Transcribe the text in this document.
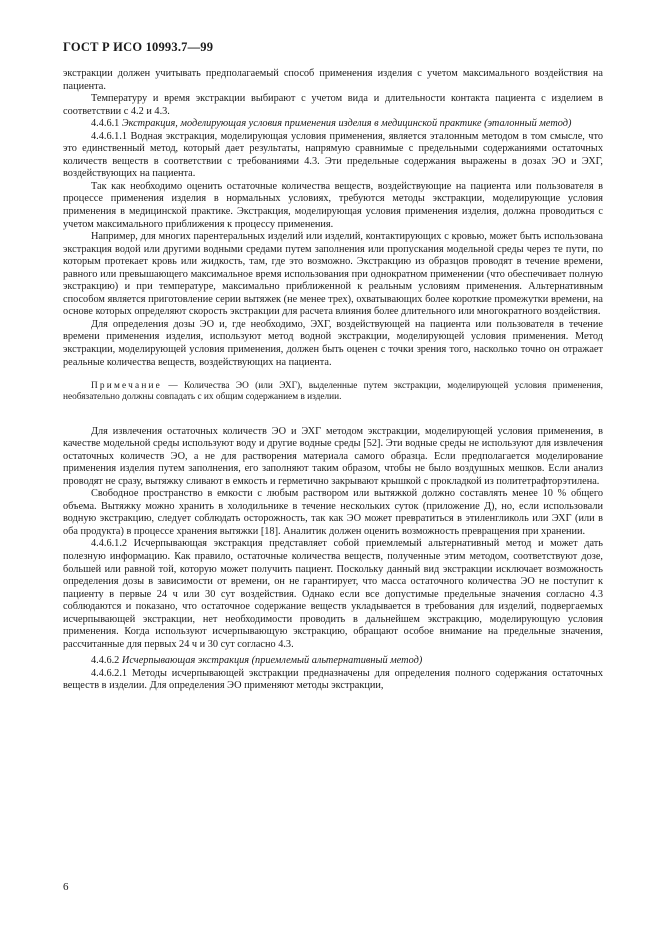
ГОСТ Р ИСО 10993.7—99

экстракции должен учитывать предполагаемый способ применения изделия с учетом максимального воздействия на пациента.

Температуру и время экстракции выбирают с учетом вида и длительности контакта пациента с изделием в соответствии с 4.2 и 4.3.

4.4.6.1 Экстракция, моделирующая условия применения изделия в медицинской практике (эталонный метод)

4.4.6.1.1 Водная экстракция, моделирующая условия применения, является эталонным методом в том смысле, что это единственный метод, который дает результаты, напрямую сравнимые с предельными содержаниями остаточных количеств веществ в соответствии с требованиями 4.3. Эти предельные содержания выражены в дозах ЭО и ЭХГ, воздействующих на пациента.

Так как необходимо оценить остаточные количества веществ, воздействующие на пациента или пользователя в процессе применения изделия в нормальных условиях, требуются методы экстракции, моделирующие условия применения в медицинской практике. Экстракция, моделирующая условия применения изделия, должна проводиться с учетом максимального приближения к процессу применения.

Например, для многих парентеральных изделий или изделий, контактирующих с кровью, может быть использована экстракция водой или другими водными средами путем заполнения или пропускания модельной среды через те пути, по которым протекает кровь или жидкость, там, где это возможно. Экстракцию из образцов проводят в течение времени, равного или превышающего максимальное время использования при однократном применении (что обеспечивает полную экстракцию) и при температуре, максимально приближенной к реальным условиям применения. Альтернативным способом является приготовление серии вытяжек (не менее трех), охватывающих более короткие промежутки времени, на основе которых определяют скорость экстракции для расчета влияния более длительного или многократного воздействия.

Для определения дозы ЭО и, где необходимо, ЭХГ, воздействующей на пациента или пользователя в течение времени применения изделия, используют метод водной экстракции, моделирующей условия применения. Метод экстракции, моделирующей условия применения, должен быть оценен с точки зрения того, насколько точно он отражает реальные количества веществ, воздействующих на пациента.

Примечание — Количества ЭО (или ЭХГ), выделенные путем экстракции, моделирующей условия применения, необязательно должны совпадать с их общим содержанием в изделии.

Для извлечения остаточных количеств ЭО и ЭХГ методом экстракции, моделирующей условия применения, в качестве модельной среды используют воду и другие водные среды [52]. Эти водные среды не используют для извлечения остаточных количеств ЭО, а не для растворения материала самого образца. Если предполагается моделирование применения изделия путем заполнения, его заполняют таким образом, чтобы не было воздушных мешков. Если анализ проводят не сразу, вытяжку сливают в емкость и герметично закрывают крышкой с прокладкой из политетрафторэтилена.

Свободное пространство в емкости с любым раствором или вытяжкой должно составлять менее 10 % общего объема. Вытяжку можно хранить в холодильнике в течение нескольких суток (приложение Д), но, если использовали водную экстракцию, следует соблюдать осторожность, так как ЭО может превратиться в этиленгликоль или ЭХГ (или в оба продукта) в процессе хранения вытяжки [18]. Аналитик должен оценить возможность превращения при хранении.

4.4.6.1.2 Исчерпывающая экстракция представляет собой приемлемый альтернативный метод и может дать полезную информацию. Как правило, остаточные количества веществ, полученные этим методом, соответствуют дозе, большей или равной той, которую может получить пациент. Поскольку данный вид экстракции исключает возможность определения дозы в зависимости от времени, он не гарантирует, что масса остаточного количества ЭО не поступит к пациенту в первые 24 ч или 30 сут воздействия. Однако если все допустимые предельные значения согласно 4.3 соблюдаются и показано, что остаточное содержание веществ укладывается в требования для изделий, подвергаемых исчерпывающей экстракции, нет необходимости проводить в дальнейшем экстракцию, моделирующую условия применения. Когда используют исчерпывающую экстракцию, обращают особое внимание на предельные значения, рассчитанные для первых 24 ч и 30 сут согласно 4.3.

4.4.6.2 Исчерпывающая экстракция (приемлемый альтернативный метод)

4.4.6.2.1 Методы исчерпывающей экстракции предназначены для определения полного содержания остаточных веществ в изделии. Для определения ЭО применяют методы экстракции,

6
